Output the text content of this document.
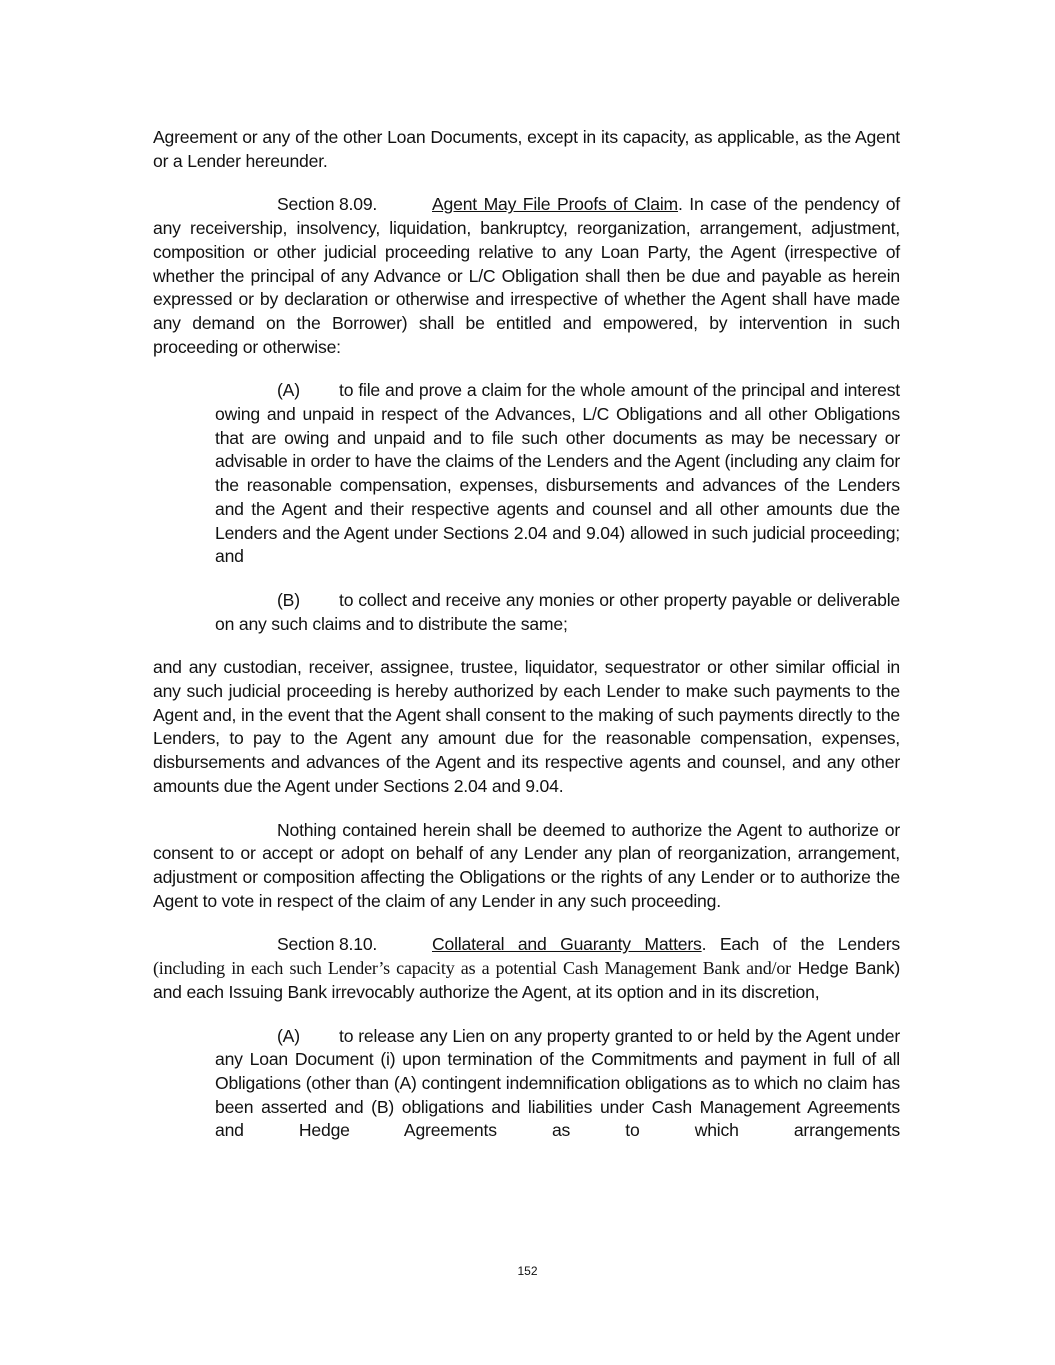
Agreement or any of the other Loan Documents, except in its capacity, as applicable, as the Agent or a Lender hereunder.

Section 8.09.	Agent May File Proofs of Claim. In case of the pendency of any receivership, insolvency, liquidation, bankruptcy, reorganization, arrangement, adjustment, composition or other judicial proceeding relative to any Loan Party, the Agent (irrespective of whether the principal of any Advance or L/C Obligation shall then be due and payable as herein expressed or by declaration or otherwise and irrespective of whether the Agent shall have made any demand on the Borrower) shall be entitled and empowered, by intervention in such proceeding or otherwise:

(A) to file and prove a claim for the whole amount of the principal and interest owing and unpaid in respect of the Advances, L/C Obligations and all other Obligations that are owing and unpaid and to file such other documents as may be necessary or advisable in order to have the claims of the Lenders and the Agent (including any claim for the reasonable compensation, expenses, disbursements and advances of the Lenders and the Agent and their respective agents and counsel and all other amounts due the Lenders and the Agent under Sections 2.04 and 9.04) allowed in such judicial proceeding; and

(B) to collect and receive any monies or other property payable or deliverable on any such claims and to distribute the same;

and any custodian, receiver, assignee, trustee, liquidator, sequestrator or other similar official in any such judicial proceeding is hereby authorized by each Lender to make such payments to the Agent and, in the event that the Agent shall consent to the making of such payments directly to the Lenders, to pay to the Agent any amount due for the reasonable compensation, expenses, disbursements and advances of the Agent and its respective agents and counsel, and any other amounts due the Agent under Sections 2.04 and 9.04.

Nothing contained herein shall be deemed to authorize the Agent to authorize or consent to or accept or adopt on behalf of any Lender any plan of reorganization, arrangement, adjustment or composition affecting the Obligations or the rights of any Lender or to authorize the Agent to vote in respect of the claim of any Lender in any such proceeding.

Section 8.10.	Collateral and Guaranty Matters. Each of the Lenders (including in each such Lender’s capacity as a potential Cash Management Bank and/or Hedge Bank) and each Issuing Bank irrevocably authorize the Agent, at its option and in its discretion,

(A) to release any Lien on any property granted to or held by the Agent under any Loan Document (i) upon termination of the Commitments and payment in full of all Obligations (other than (A) contingent indemnification obligations as to which no claim has been asserted and (B) obligations and liabilities under Cash Management Agreements and Hedge Agreements as to which arrangements

152
